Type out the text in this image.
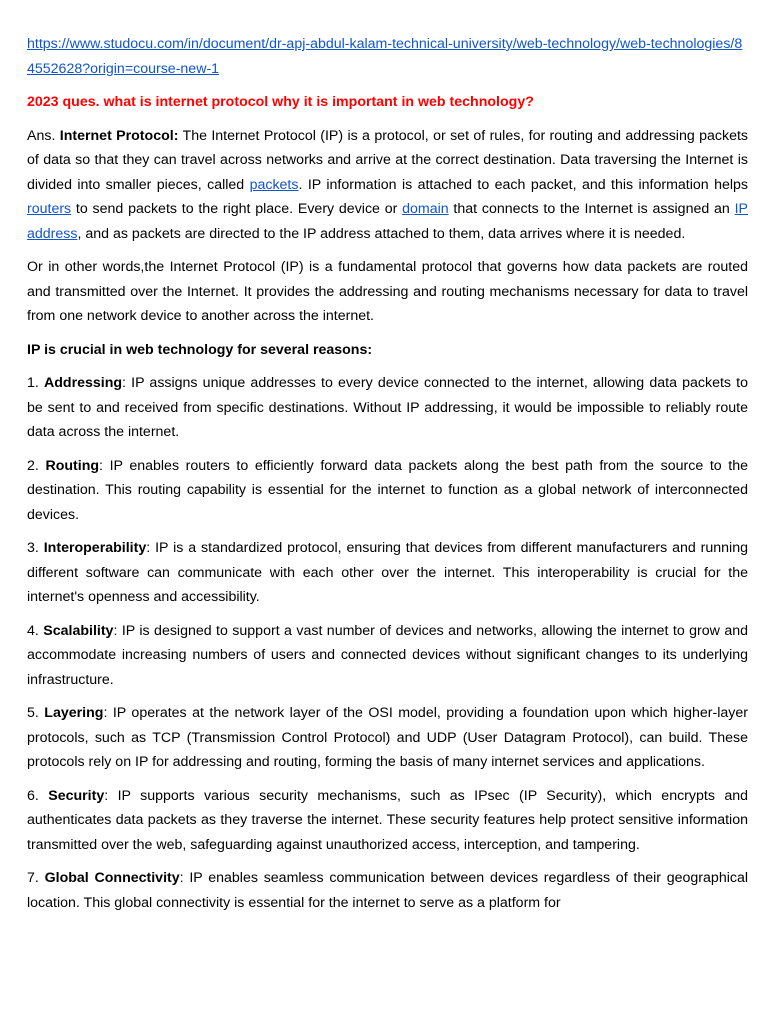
https://www.studocu.com/in/document/dr-apj-abdul-kalam-technical-university/web-technology/web-technologies/84552628?origin=course-new-1

2023 ques. what is internet protocol why it is important in web technology?

Ans. Internet Protocol: The Internet Protocol (IP) is a protocol, or set of rules, for routing and addressing packets of data so that they can travel across networks and arrive at the correct destination. Data traversing the Internet is divided into smaller pieces, called packets. IP information is attached to each packet, and this information helps routers to send packets to the right place. Every device or domain that connects to the Internet is assigned an IP address, and as packets are directed to the IP address attached to them, data arrives where it is needed.

Or in other words,the Internet Protocol (IP) is a fundamental protocol that governs how data packets are routed and transmitted over the Internet. It provides the addressing and routing mechanisms necessary for data to travel from one network device to another across the internet.

IP is crucial in web technology for several reasons:

1. Addressing: IP assigns unique addresses to every device connected to the internet, allowing data packets to be sent to and received from specific destinations. Without IP addressing, it would be impossible to reliably route data across the internet.

2. Routing: IP enables routers to efficiently forward data packets along the best path from the source to the destination. This routing capability is essential for the internet to function as a global network of interconnected devices.

3. Interoperability: IP is a standardized protocol, ensuring that devices from different manufacturers and running different software can communicate with each other over the internet. This interoperability is crucial for the internet's openness and accessibility.

4. Scalability: IP is designed to support a vast number of devices and networks, allowing the internet to grow and accommodate increasing numbers of users and connected devices without significant changes to its underlying infrastructure.

5. Layering: IP operates at the network layer of the OSI model, providing a foundation upon which higher-layer protocols, such as TCP (Transmission Control Protocol) and UDP (User Datagram Protocol), can build. These protocols rely on IP for addressing and routing, forming the basis of many internet services and applications.

6. Security: IP supports various security mechanisms, such as IPsec (IP Security), which encrypts and authenticates data packets as they traverse the internet. These security features help protect sensitive information transmitted over the web, safeguarding against unauthorized access, interception, and tampering.

7. Global Connectivity: IP enables seamless communication between devices regardless of their geographical location. This global connectivity is essential for the internet to serve as a platform for
